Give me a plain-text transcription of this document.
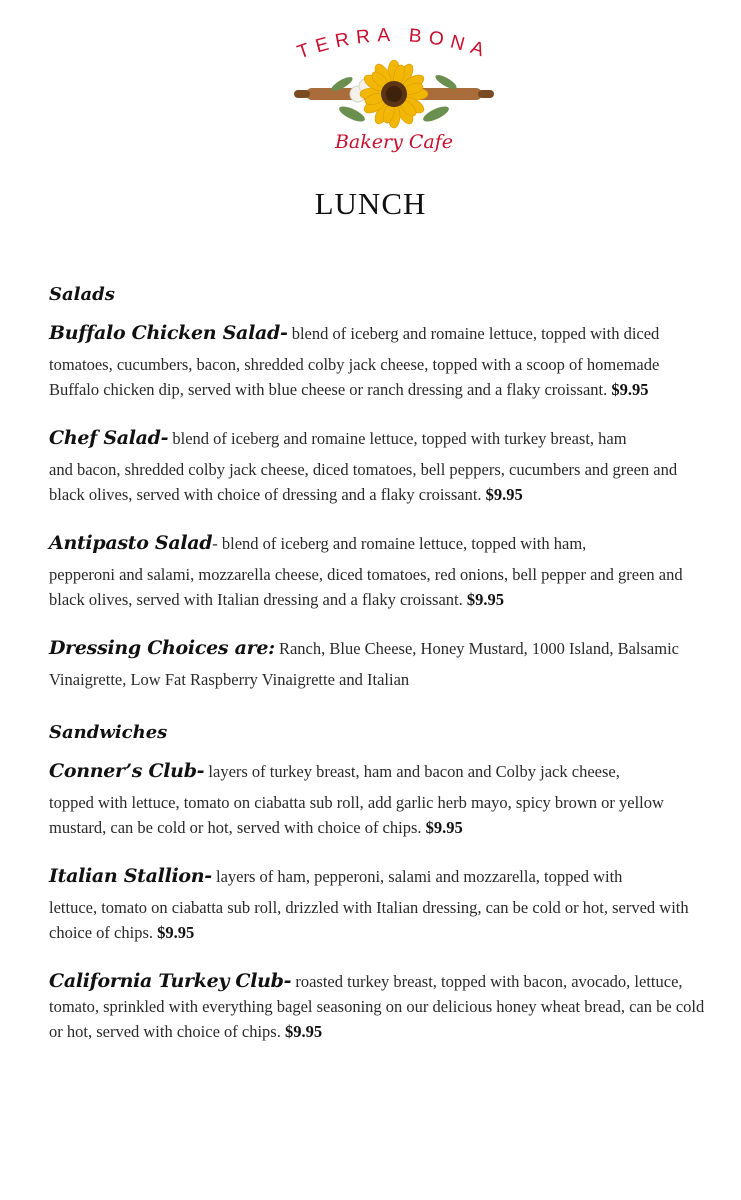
TERRA BONA
Bakery Cafe
LUNCH
Salads
Buffalo Chicken Salad- blend of iceberg and romaine lettuce, topped with diced
tomatoes, cucumbers, bacon, shredded colby jack cheese, topped with a scoop of homemade Buffalo chicken dip, served with blue cheese or ranch dressing and a flaky croissant. $9.95
Chef Salad- blend of iceberg and romaine lettuce, topped with turkey breast, ham
and bacon, shredded colby jack cheese, diced tomatoes, bell peppers, cucumbers and green and black olives, served with choice of dressing and a flaky croissant. $9.95
Antipasto Salad- blend of iceberg and romaine lettuce, topped with ham,
pepperoni and salami, mozzarella cheese, diced tomatoes, red onions, bell pepper and green and black olives, served with Italian dressing and a flaky croissant. $9.95
Dressing Choices are: Ranch, Blue Cheese, Honey Mustard, 1000 Island, Balsamic
Vinaigrette, Low Fat Raspberry Vinaigrette and Italian
Sandwiches
Conner’s Club- layers of turkey breast, ham and bacon and Colby jack cheese,
topped with lettuce, tomato on ciabatta sub roll, add garlic herb mayo, spicy brown or yellow mustard, can be cold or hot, served with choice of chips. $9.95
Italian Stallion- layers of ham, pepperoni, salami and mozzarella, topped with
lettuce, tomato on ciabatta sub roll, drizzled with Italian dressing, can be cold or hot, served with choice of chips. $9.95
California Turkey Club- roasted turkey breast, topped with bacon, avocado, lettuce, tomato, sprinkled with everything bagel seasoning on our delicious honey wheat bread, can be cold or hot, served with choice of chips. $9.95
